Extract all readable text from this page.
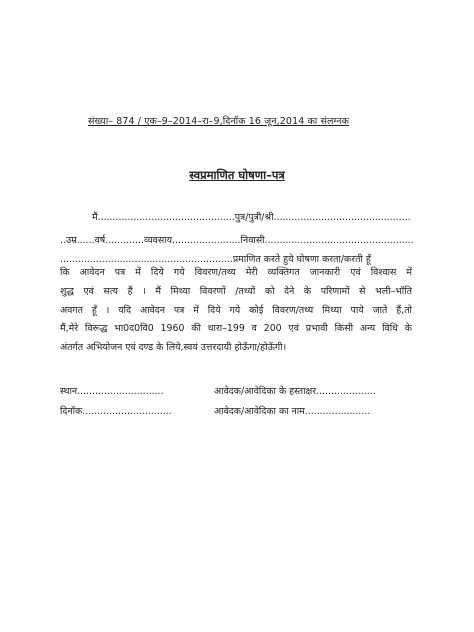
संख्या– 874 / एक–9–2014–रा–9,दिनॉक 16 जून,2014 का संलग्नक
स्वप्रमाणित घोषणा–पत्र
मैं..............................................पुत्र/पुत्री/श्री..............................................
..उम्र......वर्ष.............व्यवसाय.......................निवासी..................................................
..........................................................प्रमाणित करते हुये घोषणा करता/करती हूँ
कि आवेदन पत्र में दिये गये विवरण/तथ्य मेरी व्यक्तिगत जानकारी एवं विश्वास में
शुद्ध एवं सत्य हैं । मैं मिथ्या विवरणों /तथ्यों को देने के परिणामों से भली–भॉति
अवगत हूँ । यदि आवेदन पत्र में दिये गये कोई विवरण/तथ्य मिथ्या पाये जाते हैं,तो
मैं,मेरे विरूद्ध भा0द0वि0 1960 की धारा–199 व 200 एवं प्रभावी किसी अन्य विधि के
अंतर्गत अभियोजन एवं दण्ड के लिये,स्वयं उत्तरदायी होऊँगा/होऊँगी।
स्थान.............................
दिनॉक..............................
आवेदक/आवेदिका के हस्ताक्षर....................
आवेदक/आवेदिका का नाम......................
